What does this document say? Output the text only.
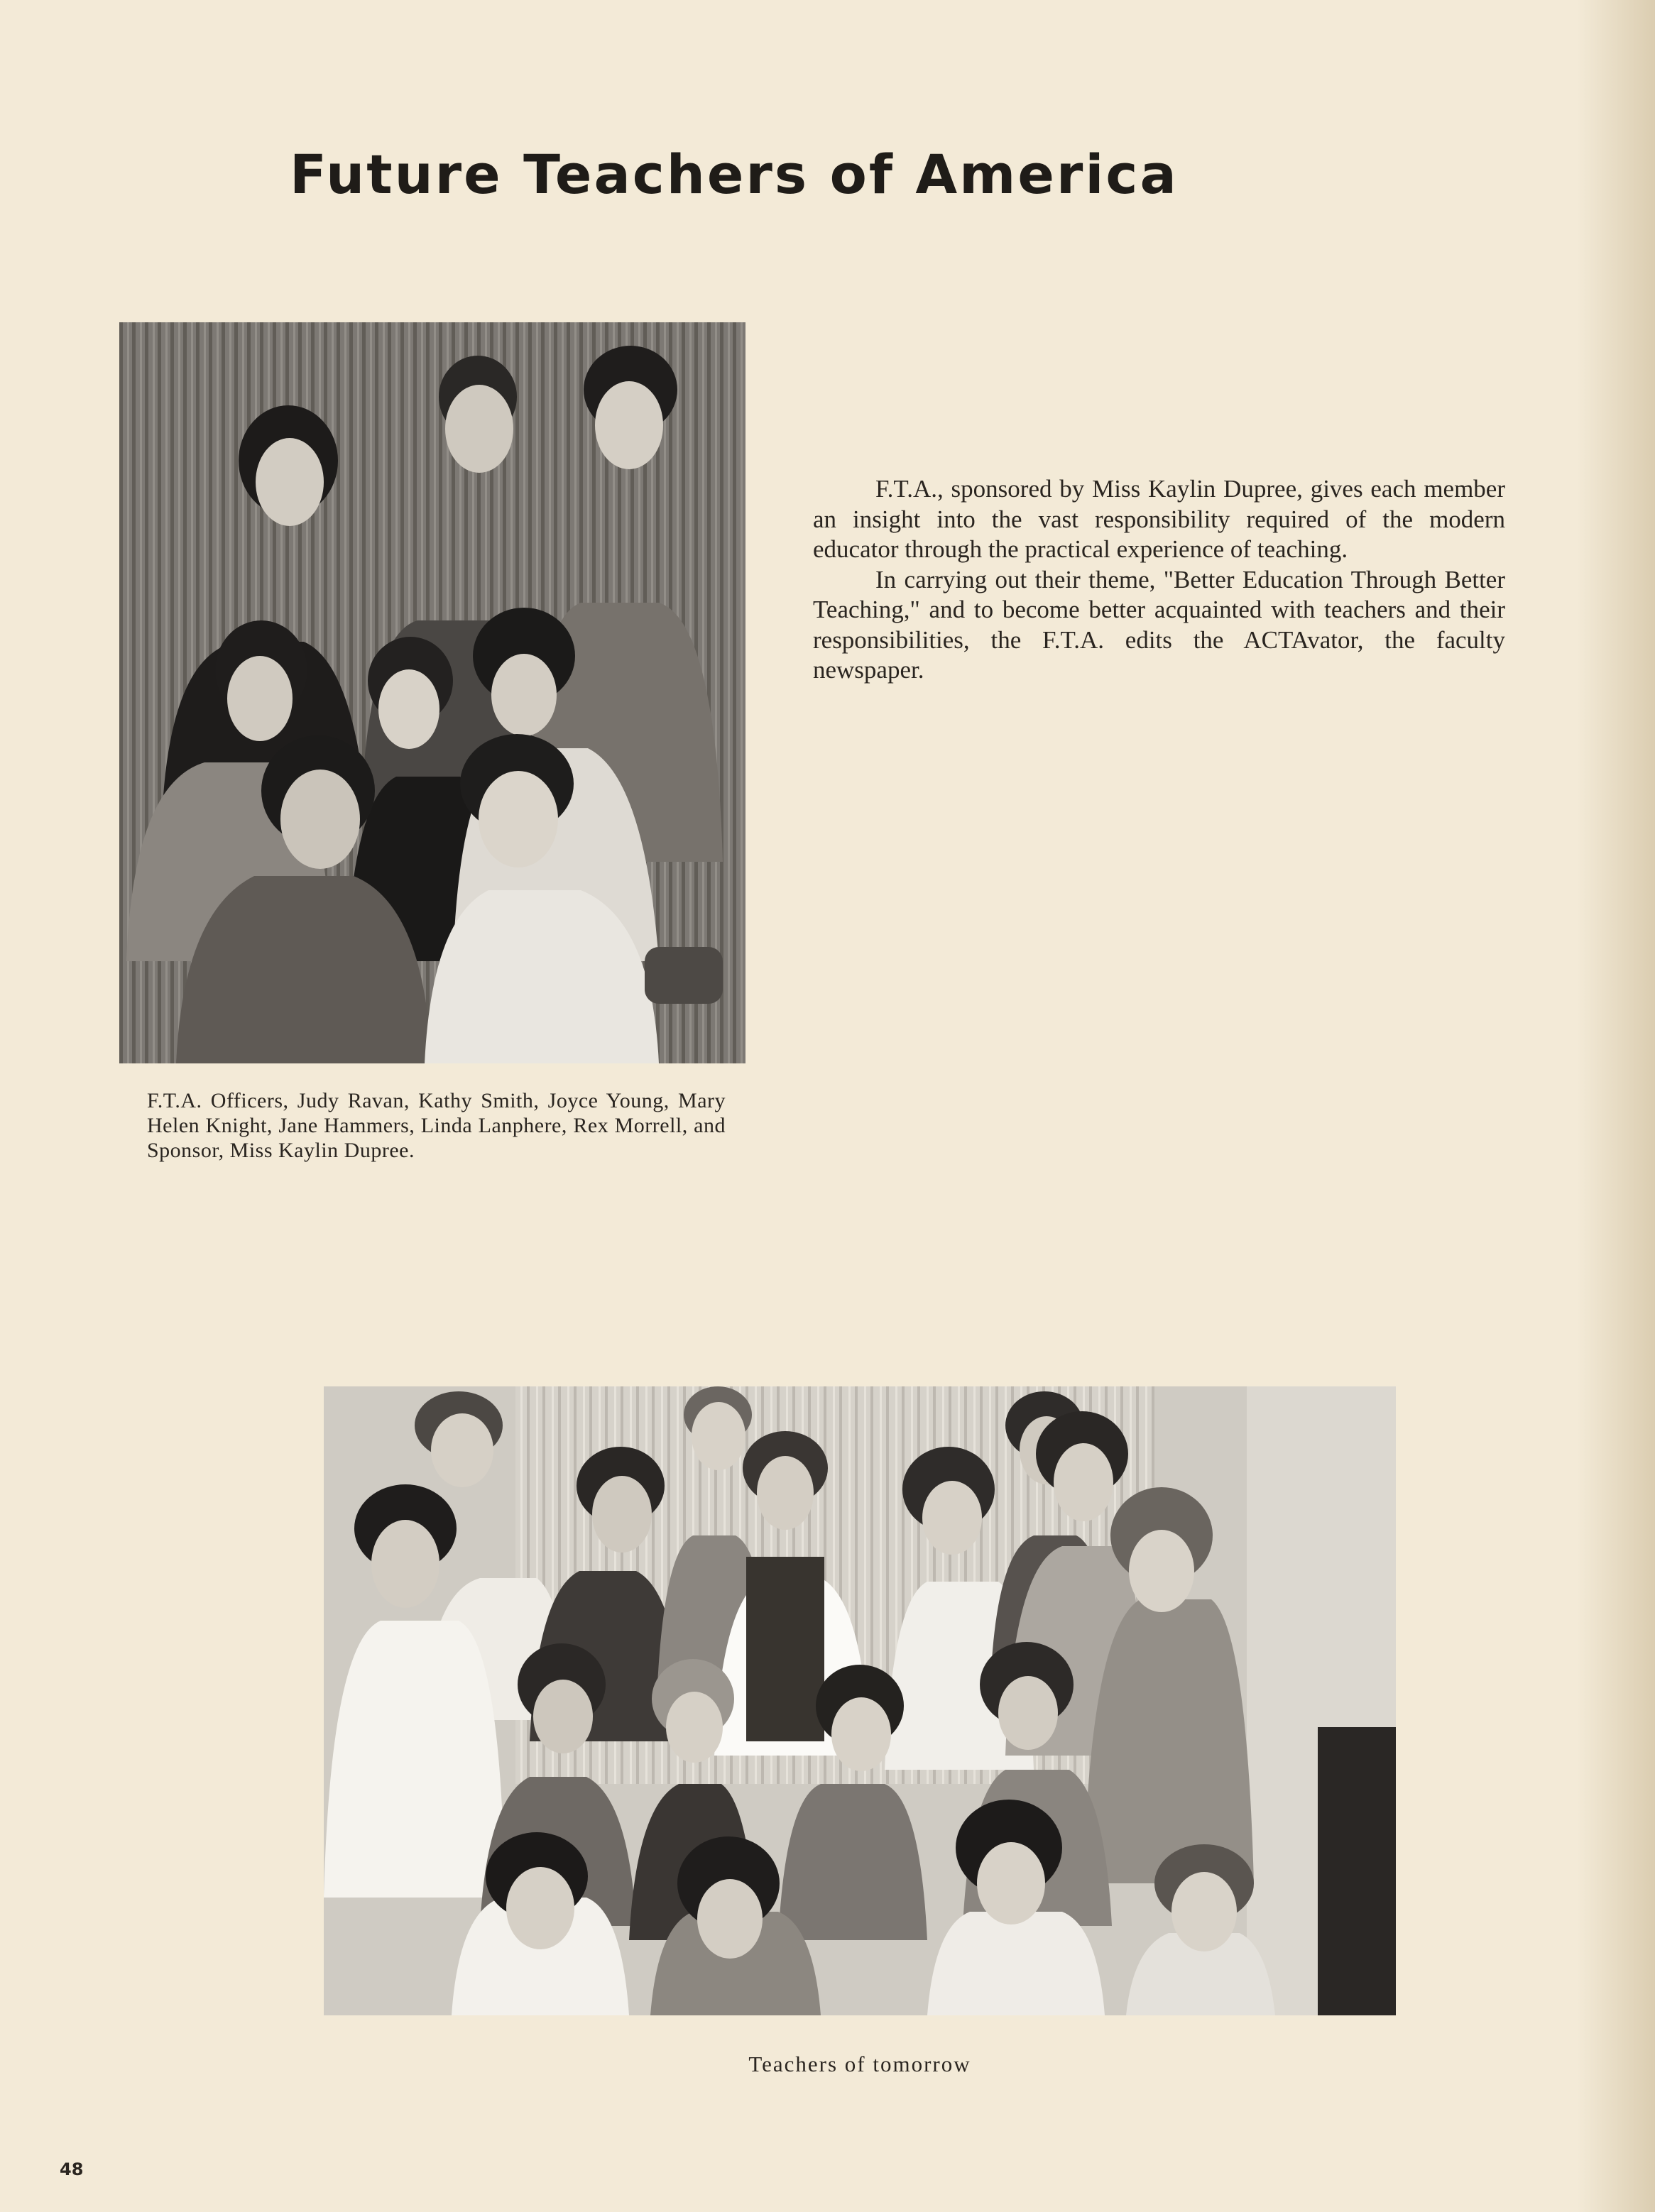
Future Teachers of America

F.T.A., sponsored by Miss Kaylin Dupree, gives each member an insight into the vast responsibility required of the modern educator through the practical experience of teaching.

In carrying out their theme, "Better Education Through Better Teaching," and to become better acquainted with teachers and their responsibilities, the F.T.A. edits the ACTAvator, the faculty newspaper.

F.T.A. Officers, Judy Ravan, Kathy Smith, Joyce Young, Mary Helen Knight, Jane Hammers, Linda Lanphere, Rex Morrell, and Sponsor, Miss Kaylin Dupree.
Teachers of tomorrow
48
